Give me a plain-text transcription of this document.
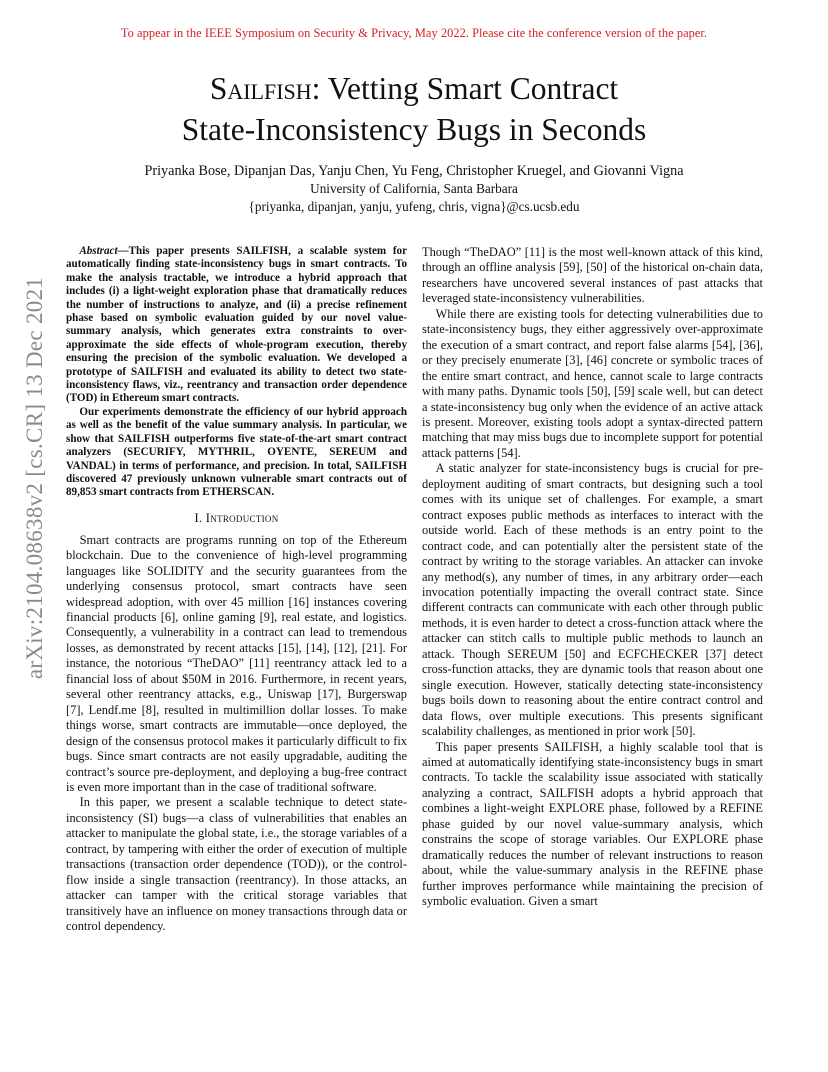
To appear in the IEEE Symposium on Security & Privacy, May 2022. Please cite the conference version of the paper.
Sailfish: Vetting Smart Contract
State-Inconsistency Bugs in Seconds
Priyanka Bose, Dipanjan Das, Yanju Chen, Yu Feng, Christopher Kruegel, and Giovanni Vigna
University of California, Santa Barbara
{priyanka, dipanjan, yanju, yufeng, chris, vigna}@cs.ucsb.edu
arXiv:2104.08638v2 [cs.CR] 13 Dec 2021

Abstract—This paper presents SAILFISH, a scalable system for automatically finding state-inconsistency bugs in smart contracts. To make the analysis tractable, we introduce a hybrid approach that includes (i) a light-weight exploration phase that dramatically reduces the number of instructions to analyze, and (ii) a precise refinement phase based on symbolic evaluation guided by our novel value-summary analysis, which generates extra constraints to over-approximate the side effects of whole-program execution, thereby ensuring the precision of the symbolic evaluation. We developed a prototype of SAILFISH and evaluated its ability to detect two state-inconsistency flaws, viz., reentrancy and transaction order dependence (TOD) in Ethereum smart contracts.

Our experiments demonstrate the efficiency of our hybrid approach as well as the benefit of the value summary analysis. In particular, we show that SAILFISH outperforms five state-of-the-art smart contract analyzers (SECURIFY, MYTHRIL, OYENTE, SEREUM and VANDAL) in terms of performance, and precision. In total, SAILFISH discovered 47 previously unknown vulnerable smart contracts out of 89,853 smart contracts from ETHERSCAN.

I. Introduction

Smart contracts are programs running on top of the Ethereum blockchain. Due to the convenience of high-level programming languages like SOLIDITY and the security guarantees from the underlying consensus protocol, smart contracts have seen widespread adoption, with over 45 million [16] instances covering financial products [6], online gaming [9], real estate, and logistics. Consequently, a vulnerability in a contract can lead to tremendous losses, as demonstrated by recent attacks [15], [14], [12], [21]. For instance, the notorious “TheDAO” [11] reentrancy attack led to a financial loss of about $50M in 2016. Furthermore, in recent years, several other reentrancy attacks, e.g., Uniswap [17], Burgerswap [7], Lendf.me [8], resulted in multimillion dollar losses. To make things worse, smart contracts are immutable—once deployed, the design of the consensus protocol makes it particularly difficult to fix bugs. Since smart contracts are not easily upgradable, auditing the contract’s source pre-deployment, and deploying a bug-free contract is even more important than in the case of traditional software.

In this paper, we present a scalable technique to detect state-inconsistency (SI) bugs—a class of vulnerabilities that enables an attacker to manipulate the global state, i.e., the storage variables of a contract, by tampering with either the order of execution of multiple transactions (transaction order dependence (TOD)), or the control-flow inside a single transaction (reentrancy). In those attacks, an attacker can tamper with the critical storage variables that transitively have an influence on money transactions through data or control dependency.

Though “TheDAO” [11] is the most well-known attack of this kind, through an offline analysis [59], [50] of the historical on-chain data, researchers have uncovered several instances of past attacks that leveraged state-inconsistency vulnerabilities.

While there are existing tools for detecting vulnerabilities due to state-inconsistency bugs, they either aggressively over-approximate the execution of a smart contract, and report false alarms [54], [36], or they precisely enumerate [3], [46] concrete or symbolic traces of the entire smart contract, and hence, cannot scale to large contracts with many paths. Dynamic tools [50], [59] scale well, but can detect a state-inconsistency bug only when the evidence of an active attack is present. Moreover, existing tools adopt a syntax-directed pattern matching that may miss bugs due to incomplete support for potential attack patterns [54].

A static analyzer for state-inconsistency bugs is crucial for pre-deployment auditing of smart contracts, but designing such a tool comes with its unique set of challenges. For example, a smart contract exposes public methods as interfaces to interact with the outside world. Each of these methods is an entry point to the contract code, and can potentially alter the persistent state of the contract by writing to the storage variables. An attacker can invoke any method(s), any number of times, in any arbitrary order—each invocation potentially impacting the overall contract state. Since different contracts can communicate with each other through public methods, it is even harder to detect a cross-function attack where the attacker can stitch calls to multiple public methods to launch an attack. Though SEREUM [50] and ECFCHECKER [37] detect cross-function attacks, they are dynamic tools that reason about one single execution. However, statically detecting state-inconsistency bugs boils down to reasoning about the entire contract control and data flows, over multiple executions. This presents significant scalability challenges, as mentioned in prior work [50].

This paper presents SAILFISH, a highly scalable tool that is aimed at automatically identifying state-inconsistency bugs in smart contracts. To tackle the scalability issue associated with statically analyzing a contract, SAILFISH adopts a hybrid approach that combines a light-weight EXPLORE phase, followed by a REFINE phase guided by our novel value-summary analysis, which constrains the scope of storage variables. Our EXPLORE phase dramatically reduces the number of relevant instructions to reason about, while the value-summary analysis in the REFINE phase further improves performance while maintaining the precision of symbolic evaluation. Given a smart
